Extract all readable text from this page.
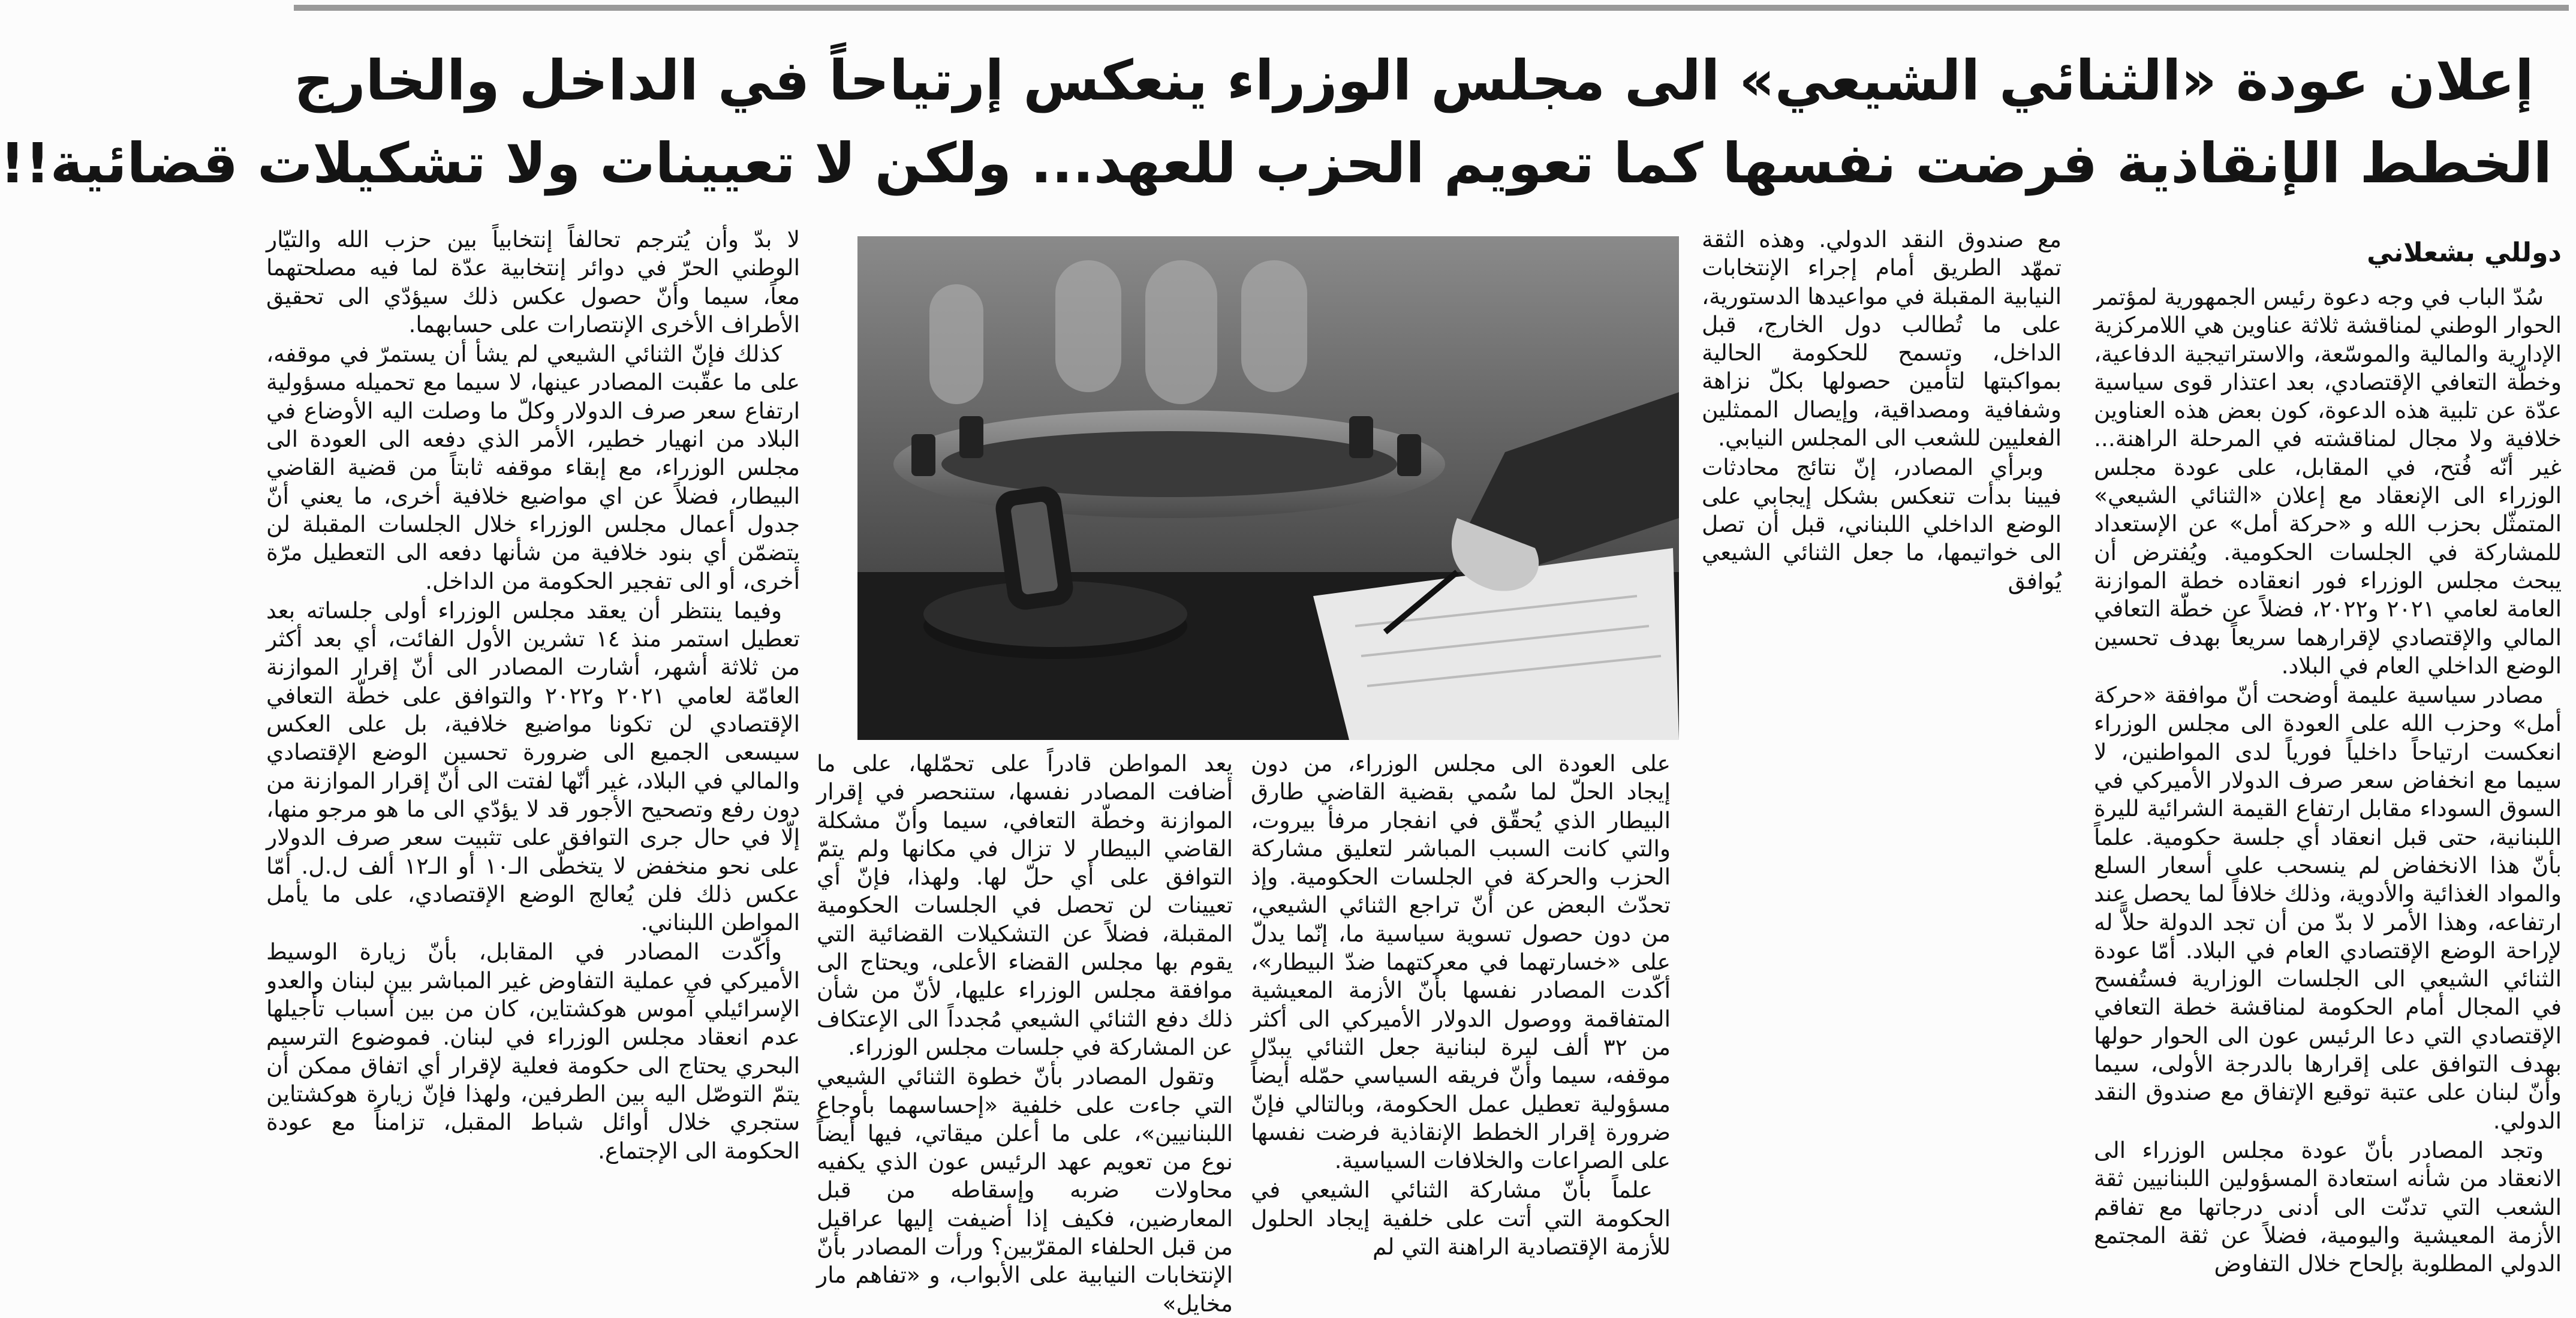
إعلان عودة «الثنائي الشيعي» الى مجلس الوزراء ينعكس إرتياحاً في الداخل والخارج
الخطط الإنقاذية فرضت نفسها كما تعويم الحزب للعهد... ولكن لا تعيينات ولا تشكيلات قضائية!!
دوللي بشعلاني

سُدّ الباب في وجه دعوة رئيس الجمهورية لمؤتمر الحوار الوطني لمناقشة ثلاثة عناوين هي اللامركزية الإدارية والمالية والموسّعة، والاستراتيجية الدفاعية، وخطّة التعافي الإقتصادي، بعد اعتذار قوى سياسية عدّة عن تلبية هذه الدعوة، كون بعض هذه العناوين خلافية ولا مجال لمناقشته في المرحلة الراهنة... غير أنّه فُتح، في المقابل، على عودة مجلس الوزراء الى الإنعقاد مع إعلان «الثنائي الشيعي» المتمثّل بحزب الله و «حركة أمل» عن الإستعداد للمشاركة في الجلسات الحكومية. ويُفترض أن يبحث مجلس الوزراء فور انعقاده خطة الموازنة العامة لعامي ٢٠٢١ و٢٠٢٢، فضلاً عن خطّة التعافي المالي والإقتصادي لإقرارهما سريعاً بهدف تحسين الوضع الداخلي العام في البلاد.

مصادر سياسية عليمة أوضحت أنّ موافقة «حركة أمل» وحزب الله على العودة الى مجلس الوزراء انعكست ارتياحاً داخلياً فورياً لدى المواطنين، لا سيما مع انخفاض سعر صرف الدولار الأميركي في السوق السوداء مقابل ارتفاع القيمة الشرائية لليرة اللبنانية، حتى قبل انعقاد أي جلسة حكومية. علماً بأنّ هذا الانخفاض لم ينسحب على أسعار السلع والمواد الغذائية والأدوية، وذلك خلافاً لما يحصل عند ارتفاعه، وهذا الأمر لا بدّ من أن تجد الدولة حلاًّ له لإراحة الوضع الإقتصادي العام في البلاد. أمّا عودة الثنائي الشيعي الى الجلسات الوزارية فستُفسح في المجال أمام الحكومة لمناقشة خطة التعافي الإقتصادي التي دعا الرئيس عون الى الحوار حولها بهدف التوافق على إقرارها بالدرجة الأولى، سيما وأنّ لبنان على عتبة توقيع الإتفاق مع صندوق النقد الدولي.

وتجد المصادر بأنّ عودة مجلس الوزراء الى الانعقاد من شأنه استعادة المسؤولين اللبنانيين ثقة الشعب التي تدنّت الى أدنى درجاتها مع تفاقم الأزمة المعيشية واليومية، فضلاً عن ثقة المجتمع الدولي المطلوبة بإلحاح خلال التفاوض

مع صندوق النقد الدولي. وهذه الثقة تمهّد الطريق أمام إجراء الإنتخابات النيابية المقبلة في مواعيدها الدستورية، على ما تُطالب دول الخارج، قبل الداخل، وتسمح للحكومة الحالية بمواكبتها لتأمين حصولها بكلّ نزاهة وشفافية ومصداقية، وإيصال الممثلين الفعليين للشعب الى المجلس النيابي.

وبرأي المصادر، إنّ نتائج محادثات فيينا بدأت تنعكس بشكل إيجابي على الوضع الداخلي اللبناني، قبل أن تصل الى خواتيمها، ما جعل الثنائي الشيعي يُوافق

على العودة الى مجلس الوزراء، من دون إيجاد الحلّ لما سُمي بقضية القاضي طارق البيطار الذي يُحقّق في انفجار مرفأ بيروت، والتي كانت السبب المباشر لتعليق مشاركة الحزب والحركة في الجلسات الحكومية. وإذ تحدّث البعض عن أنّ تراجع الثنائي الشيعي، من دون حصول تسوية سياسية ما، إنّما يدلّ على «خسارتهما في معركتهما ضدّ البيطار»، أكّدت المصادر نفسها بأنّ الأزمة المعيشية المتفاقمة ووصول الدولار الأميركي الى أكثر من ٣٢ ألف ليرة لبنانية جعل الثنائي يبدّل موقفه، سيما وأنّ فريقه السياسي حمّله أيضاً مسؤولية تعطيل عمل الحكومة، وبالتالي فإنّ ضرورة إقرار الخطط الإنقاذية فرضت نفسها على الصراعات والخلافات السياسية.

علماً بأنّ مشاركة الثنائي الشيعي في الحكومة التي أتت على خلفية إيجاد الحلول للأزمة الإقتصادية الراهنة التي لم

يعد المواطن قادراً على تحمّلها، على ما أضافت المصادر نفسها، ستنحصر في إقرار الموازنة وخطّة التعافي، سيما وأنّ مشكلة القاضي البيطار لا تزال في مكانها ولم يتمّ التوافق على أي حلّ لها. ولهذا، فإنّ أي تعيينات لن تحصل في الجلسات الحكومية المقبلة، فضلاً عن التشكيلات القضائية التي يقوم بها مجلس القضاء الأعلى، ويحتاج الى موافقة مجلس الوزراء عليها، لأنّ من شأن ذلك دفع الثنائي الشيعي مُجدداً الى الإعتكاف عن المشاركة في جلسات مجلس الوزراء.

وتقول المصادر بأنّ خطوة الثنائي الشيعي التي جاءت على خلفية «إحساسهما بأوجاع اللبنانيين»، على ما أعلن ميقاتي، فيها أيضاً نوع من تعويم عهد الرئيس عون الذي يكفيه محاولات ضربه وإسقاطه من قبل المعارضين، فكيف إذا أضيفت إليها عراقيل من قبل الحلفاء المقرّبين؟ ورأت المصادر بأنّ الإنتخابات النيابية على الأبواب، و «تفاهم مار مخايل»

لا بدّ وأن يُترجم تحالفاً إنتخابياً بين حزب الله والتيّار الوطني الحرّ في دوائر إنتخابية عدّة لما فيه مصلحتهما معاً، سيما وأنّ حصول عكس ذلك سيؤدّي الى تحقيق الأطراف الأخرى الإنتصارات على حسابهما.

كذلك فإنّ الثنائي الشيعي لم يشأ أن يستمرّ في موقفه، على ما عقّبت المصادر عينها، لا سيما مع تحميله مسؤولية ارتفاع سعر صرف الدولار وكلّ ما وصلت اليه الأوضاع في البلاد من انهيار خطير، الأمر الذي دفعه الى العودة الى مجلس الوزراء، مع إبقاء موقفه ثابتاً من قضية القاضي البيطار، فضلاً عن اي مواضيع خلافية أخرى، ما يعني أنّ جدول أعمال مجلس الوزراء خلال الجلسات المقبلة لن يتضمّن أي بنود خلافية من شأنها دفعه الى التعطيل مرّة أخرى، أو الى تفجير الحكومة من الداخل.

وفيما ينتظر أن يعقد مجلس الوزراء أولى جلساته بعد تعطيل استمر منذ ١٤ تشرين الأول الفائت، أي بعد أكثر من ثلاثة أشهر، أشارت المصادر الى أنّ إقرار الموازنة العامّة لعامي ٢٠٢١ و٢٠٢٢ والتوافق على خطّة التعافي الإقتصادي لن تكونا مواضيع خلافية، بل على العكس سيسعى الجميع الى ضرورة تحسين الوضع الإقتصادي والمالي في البلاد، غير أنّها لفتت الى أنّ إقرار الموازنة من دون رفع وتصحيح الأجور قد لا يؤدّي الى ما هو مرجو منها، إلّا في حال جرى التوافق على تثبيت سعر صرف الدولار على نحو منخفض لا يتخطّى الـ١٠ أو الـ١٢ ألف ل.ل. أمّا عكس ذلك فلن يُعالج الوضع الإقتصادي، على ما يأمل المواطن اللبناني.

وأكّدت المصادر في المقابل، بأنّ زيارة الوسيط الأميركي في عملية التفاوض غير المباشر بين لبنان والعدو الإسرائيلي آموس هوكشتاين، كان من بين أسباب تأجيلها عدم انعقاد مجلس الوزراء في لبنان. فموضوع الترسيم البحري يحتاج الى حكومة فعلية لإقرار أي اتفاق ممكن أن يتمّ التوصّل اليه بين الطرفين، ولهذا فإنّ زيارة هوكشتاين ستجري خلال أوائل شباط المقبل، تزامناً مع عودة الحكومة الى الإجتماع.
